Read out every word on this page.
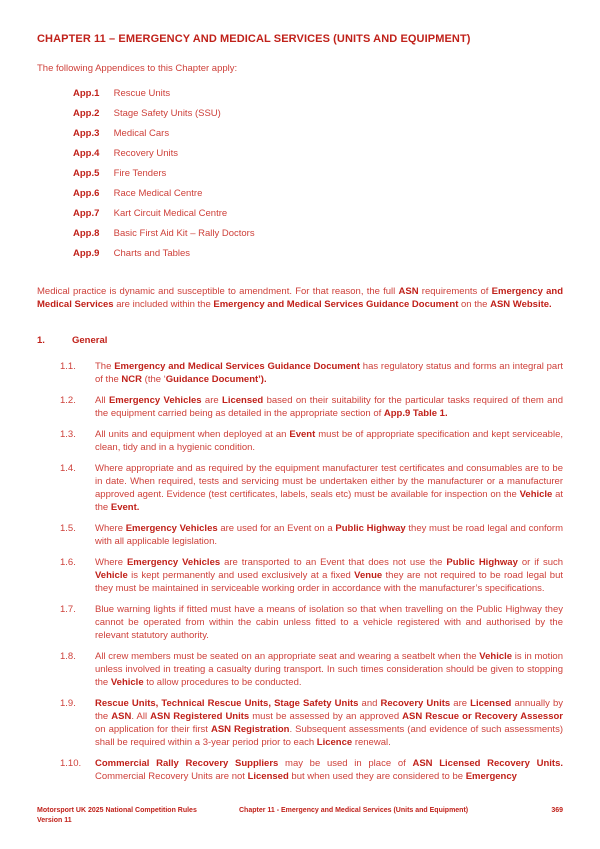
CHAPTER 11 – EMERGENCY AND MEDICAL SERVICES (UNITS AND EQUIPMENT)

The following Appendices to this Chapter apply:

App.1 Rescue Units
App.2 Stage Safety Units (SSU)
App.3 Medical Cars
App.4 Recovery Units
App.5 Fire Tenders
App.6 Race Medical Centre
App.7 Kart Circuit Medical Centre
App.8 Basic First Aid Kit – Rally Doctors
App.9 Charts and Tables

Medical practice is dynamic and susceptible to amendment. For that reason, the full ASN requirements of Emergency and Medical Services are included within the Emergency and Medical Services Guidance Document on the ASN Website.

1.	General
1.1.	The Emergency and Medical Services Guidance Document has regulatory status and forms an integral part of the NCR (the ‘Guidance Document’).

1.2.	All Emergency Vehicles are Licensed based on their suitability for the particular tasks required of them and the equipment carried being as detailed in the appropriate section of App.9 Table 1.

1.3.	All units and equipment when deployed at an Event must be of appropriate specification and kept serviceable, clean, tidy and in a hygienic condition.

1.4.	Where appropriate and as required by the equipment manufacturer test certificates and consumables are to be in date. When required, tests and servicing must be undertaken either by the manufacturer or a manufacturer approved agent. Evidence (test certificates, labels, seals etc) must be available for inspection on the Vehicle at the Event.

1.5.	Where Emergency Vehicles are used for an Event on a Public Highway they must be road legal and conform with all applicable legislation.

1.6.	Where Emergency Vehicles are transported to an Event that does not use the Public Highway or if such Vehicle is kept permanently and used exclusively at a fixed Venue they are not required to be road legal but they must be maintained in serviceable working order in accordance with the manufacturer’s specifications.

1.7.	Blue warning lights if fitted must have a means of isolation so that when travelling on the Public Highway they cannot be operated from within the cabin unless fitted to a vehicle registered with and authorised by the relevant statutory authority.

1.8.	All crew members must be seated on an appropriate seat and wearing a seatbelt when the Vehicle is in motion unless involved in treating a casualty during transport. In such times consideration should be given to stopping the Vehicle to allow procedures to be conducted.

1.9.	Rescue Units, Technical Rescue Units, Stage Safety Units and Recovery Units are Licensed annually by the ASN. All ASN Registered Units must be assessed by an approved ASN Rescue or Recovery Assessor on application for their first ASN Registration. Subsequent assessments (and evidence of such assessments) shall be required within a 3-year period prior to each Licence renewal.

1.10.	Commercial Rally Recovery Suppliers may be used in place of ASN Licensed Recovery Units. Commercial Recovery Units are not Licensed but when used they are considered to be Emergency

Motorsport UK 2025 National Competition Rules
Version 11
Chapter 11 - Emergency and Medical Services (Units and Equipment)	369
